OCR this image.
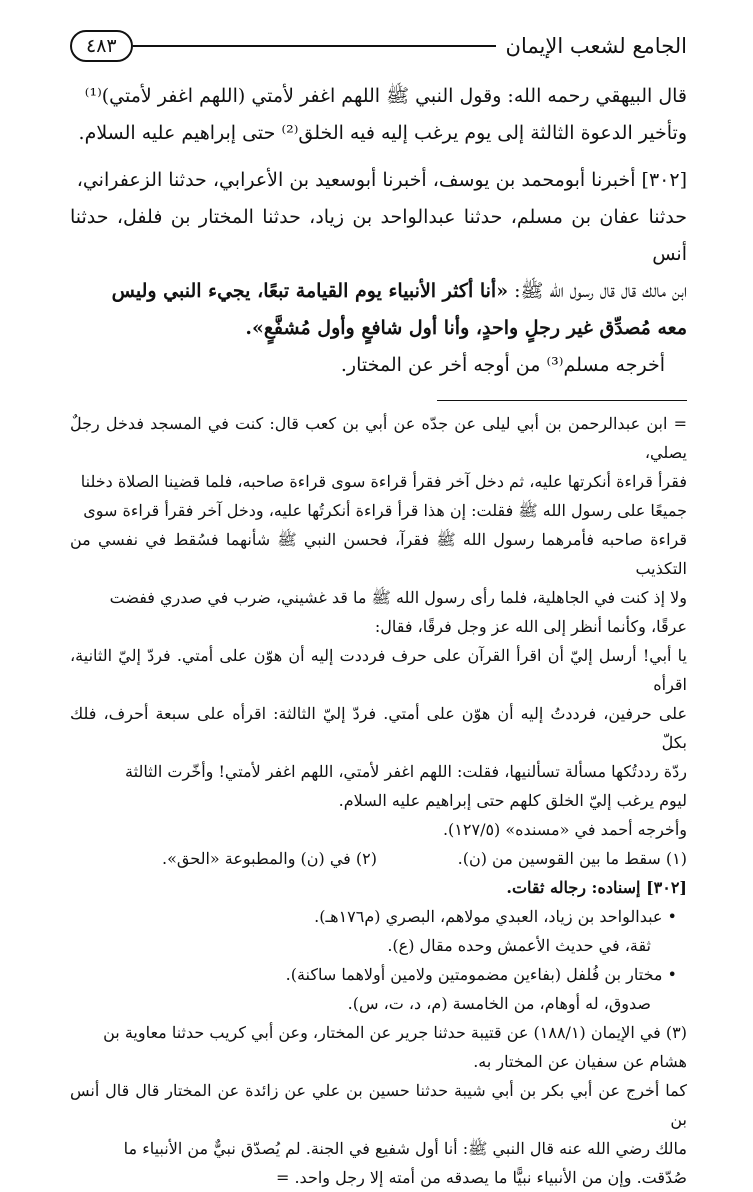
الجامع لشعب الإيمان
٤٨٣

قال البيهقي رحمه الله: وقول النبي ﷺ اللهم اغفر لأمتي (اللهم اغفر لأمتي)⁽¹⁾

وتأخير الدعوة الثالثة إلى يوم يرغب إليه فيه الخلق⁽²⁾ حتى إبراهيم عليه السلام.

[٣٠٢] أخبرنا أبومحمد بن يوسف، أخبرنا أبوسعيد بن الأعرابي، حدثنا الزعفراني،

حدثنا عفان بن مسلم، حدثنا عبدالواحد بن زياد، حدثنا المختار بن فلفل، حدثنا أنس

ابن مالك قال قال رسول الله ﷺ: «أنا أكثر الأنبياء يوم القيامة تبعًا، يجيء النبي وليس

معه مُصدِّق غير رجلٍ واحدٍ، وأنا أول شافعٍ وأول مُشفَّعٍ».

أخرجه مسلم⁽³⁾ من أوجه أخر عن المختار.

= ابن عبدالرحمن بن أبي ليلى عن جدّه عن أبي بن كعب قال: كنت في المسجد فدخل رجلٌ يصلي،

فقرأ قراءة أنكرتها عليه، ثم دخل آخر فقرأ قراءة سوى قراءة صاحبه، فلما قضينا الصلاة دخلنا

جميعًا على رسول الله ﷺ فقلت: إن هذا قرأ قراءة أنكرتُها عليه، ودخل آخر فقرأ قراءة سوى

قراءة صاحبه فأمرهما رسول الله ﷺ فقرآ، فحسن النبي ﷺ شأنهما فسُقط في نفسي من التكذيب

ولا إذ كنت في الجاهلية، فلما رأى رسول الله ﷺ ما قد غشيني، ضرب في صدري ففضت

عرقًا، وكأنما أنظر إلى الله عز وجل فرقًا، فقال:

يا أبي! أرسل إليّ أن اقرأ القرآن على حرف فرددت إليه أن هوّن على أمتي. فردّ إليّ الثانية، اقرأه

على حرفين، فرددتُ إليه أن هوّن على أمتي. فردّ إليّ الثالثة: اقرأه على سبعة أحرف، فلك بكلّ

ردّة رددتُكها مسألة تسألنيها، فقلت: اللهم اغفر لأمتي، اللهم اغفر لأمتي! وأخّرت الثالثة

ليوم يرغب إليّ الخلق كلهم حتى إبراهيم عليه السلام.

وأخرجه أحمد في «مسنده» (١٢٧/٥).

(١) سقط ما بين القوسين من (ن).
(٢) في (ن) والمطبوعة «الحق».

[٣٠٢] إسناده: رجاله ثقات.

• عبدالواحد بن زياد، العبدي مولاهم، البصري (م١٧٦هـ).

ثقة، في حديث الأعمش وحده مقال (ع).

• مختار بن فُلفل (بفاءين مضمومتين ولامين أولاهما ساكنة).

صدوق، له أوهام، من الخامسة (م، د، ت، س).

(٣) في الإيمان (١٨٨/١) عن قتيبة حدثنا جرير عن المختار، وعن أبي كريب حدثنا معاوية بن

هشام عن سفيان عن المختار به.

كما أخرج عن أبي بكر بن أبي شيبة حدثنا حسين بن علي عن زائدة عن المختار قال قال أنس بن

مالك رضي الله عنه قال النبي ﷺ: أنا أول شفيع في الجنة. لم يُصدّق نبيٌّ من الأنبياء ما

صُدّقت. وإن من الأنبياء نبيًّا ما يصدقه من أمته إلا رجل واحد. =
